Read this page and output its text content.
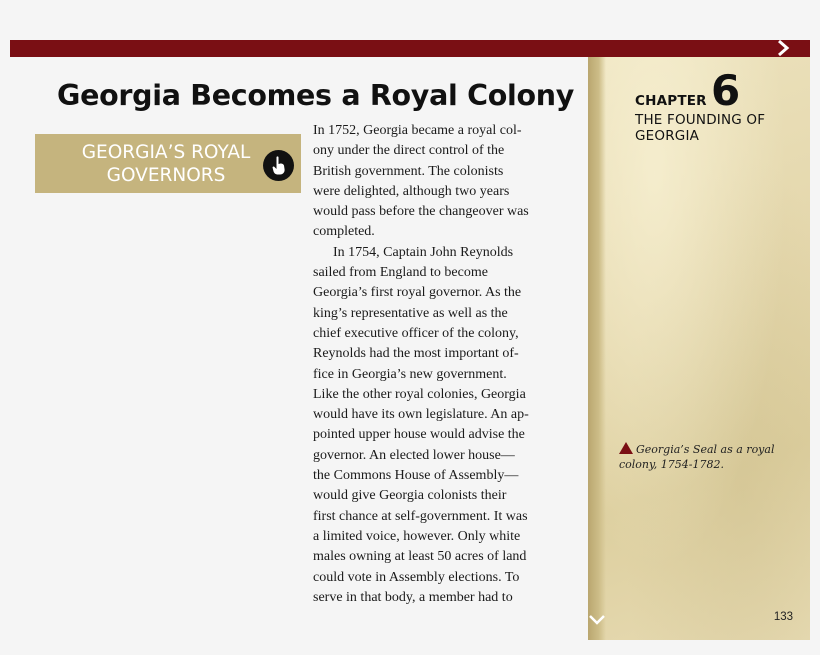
Georgia Becomes a Royal Colony
GEORGIA’S ROYAL
GOVERNORS

In 1752, Georgia became a royal col-
ony under the direct control of the
British government. The colonists
were delighted, although two years
would pass before the changeover was
completed.

In 1754, Captain John Reynolds
sailed from England to become
Georgia’s first royal governor. As the
king’s representative as well as the
chief executive officer of the colony,
Reynolds had the most important of-
fice in Georgia’s new government.
Like the other royal colonies, Georgia
would have its own legislature. An ap-
pointed upper house would advise the
governor. An elected lower house—
the Commons House of Assembly—
would give Georgia colonists their
first chance at self-government. It was
a limited voice, however. Only white
males owning at least 50 acres of land
could vote in Assembly elections. To
serve in that body, a member had to

CHAPTER 6
THE FOUNDING OF
GEORGIA
Georgia’s Seal as a royal colony, 1754-1782.
133
